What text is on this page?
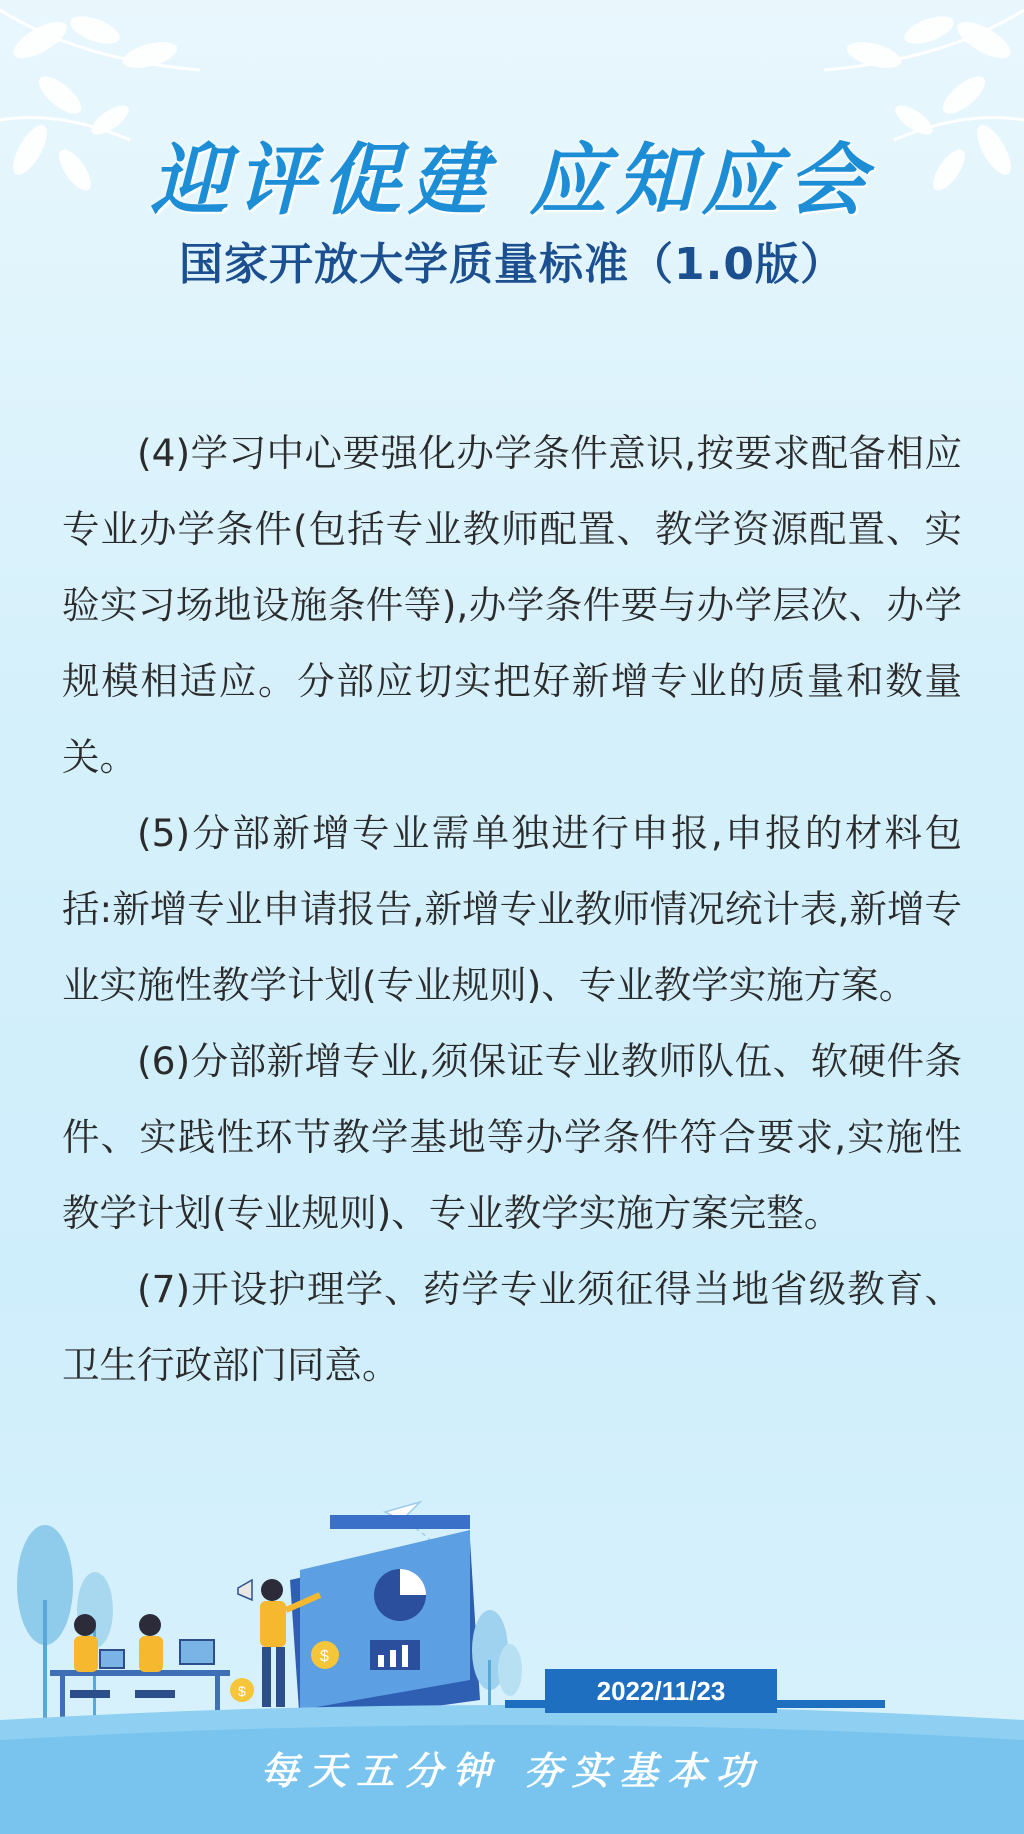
迎评促建 应知应会
国家开放大学质量标准（1.0版）

(4)学习中心要强化办学条件意识,按要求配备相应专业办学条件(包括专业教师配置、教学资源配置、实验实习场地设施条件等),办学条件要与办学层次、办学规模相适应。分部应切实把好新增专业的质量和数量关。

(5)分部新增专业需单独进行申报,申报的材料包括:新增专业申请报告,新增专业教师情况统计表,新增专业实施性教学计划(专业规则)、专业教学实施方案。

(6)分部新增专业,须保证专业教师队伍、软硬件条件、实践性环节教学基地等办学条件符合要求,实施性教学计划(专业规则)、专业教学实施方案完整。

(7)开设护理学、药学专业须征得当地省级教育、卫生行政部门同意。

$
$	2022/11/23
每天五分钟 夯实基本功
